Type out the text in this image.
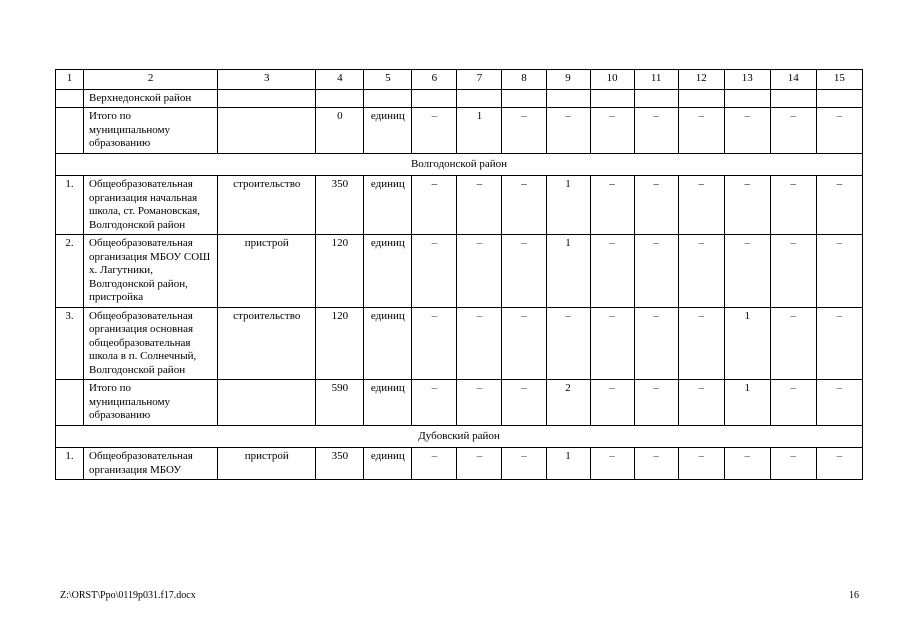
1	2	3	4	5	6	7	8	9	10	11	12	13	14	15
	Верхнедонской район													
	Итого по муниципальному образованию		0	единиц	–	1	–	–	–	–	–	–	–	–
Волгодонской район														
1.	Общеобразовательная организация начальная школа, ст. Романовская, Волгодонской район	строительство	350	единиц	–	–	–	1	–	–	–	–	–	–
2.	Общеобразовательная организация МБОУ СОШ х. Лагутники, Волгодонской район, пристройка	пристрой	120	единиц	–	–	–	1	–	–	–	–	–	–
3.	Общеобразовательная организация основная общеобразовательная школа в п. Солнечный, Волгодонской район	строительство	120	единиц	–	–	–	–	–	–	–	1	–	–
	Итого по муниципальному образованию		590	единиц	–	–	–	2	–	–	–	1	–	–
Дубовский район														
1.	Общеобразовательная организация МБОУ	пристрой	350	единиц	–	–	–	1	–	–	–	–	–	–
Z:\ORST\Ppo\0119p031.f17.docx	16
